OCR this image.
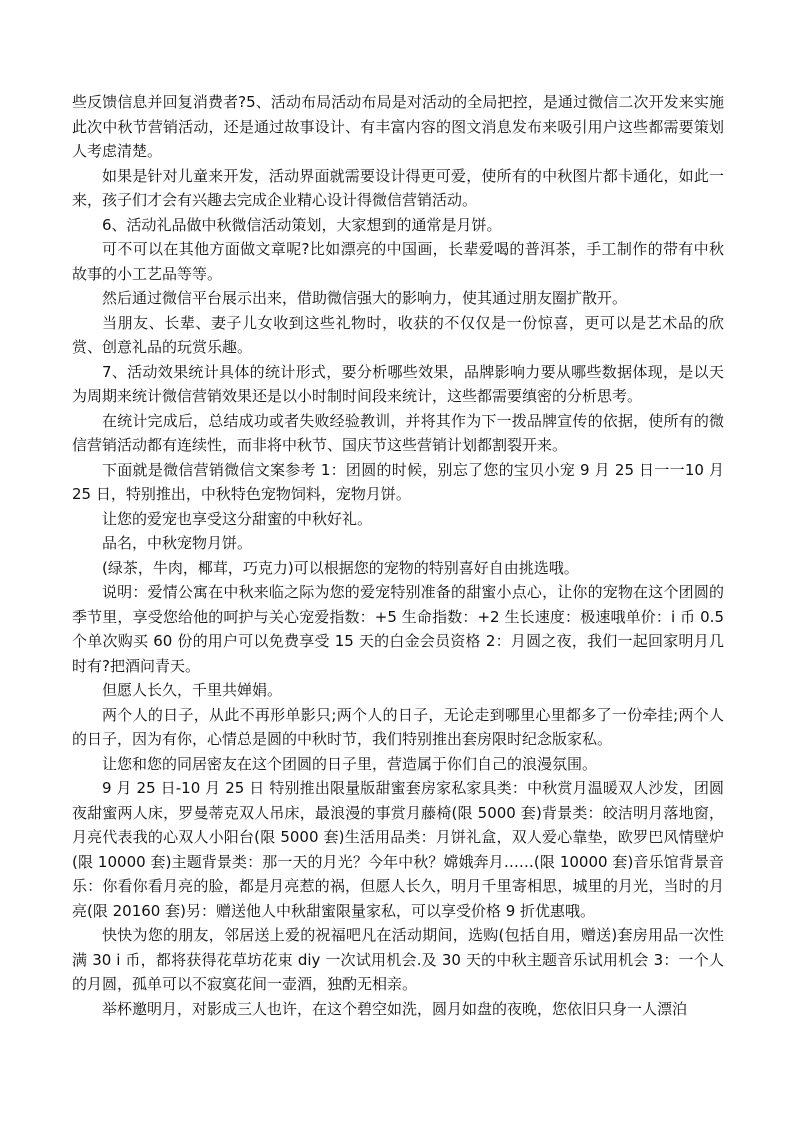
些反馈信息并回复消费者?5、活动布局活动布局是对活动的全局把控，是通过微信二次开发来实施此次中秋节营销活动，还是通过故事设计、有丰富内容的图文消息发布来吸引用户这些都需要策划人考虑清楚。

如果是针对儿童来开发，活动界面就需要设计得更可爱，使所有的中秋图片都卡通化，如此一来，孩子们才会有兴趣去完成企业精心设计得微信营销活动。

6、活动礼品做中秋微信活动策划，大家想到的通常是月饼。

可不可以在其他方面做文章呢?比如漂亮的中国画，长辈爱喝的普洱茶，手工制作的带有中秋故事的小工艺品等等。

然后通过微信平台展示出来，借助微信强大的影响力，使其通过朋友圈扩散开。

当朋友、长辈、妻子儿女收到这些礼物时，收获的不仅仅是一份惊喜，更可以是艺术品的欣赏、创意礼品的玩赏乐趣。

7、活动效果统计具体的统计形式，要分析哪些效果，品牌影响力要从哪些数据体现，是以天为周期来统计微信营销效果还是以小时制时间段来统计，这些都需要缜密的分析思考。

在统计完成后，总结成功或者失败经验教训，并将其作为下一拨品牌宣传的依据，使所有的微信营销活动都有连续性，而非将中秋节、国庆节这些营销计划都割裂开来。

下面就是微信营销微信文案参考 1：团圆的时候，别忘了您的宝贝小宠 9 月 25 日一一10 月 25 日，特别推出，中秋特色宠物饲料，宠物月饼。

让您的爱宠也享受这分甜蜜的中秋好礼。

品名，中秋宠物月饼。

(绿茶，牛肉，椰茸，巧克力)可以根据您的宠物的特别喜好自由挑选哦。

说明：爱情公寓在中秋来临之际为您的爱宠特别准备的甜蜜小点心，让你的宠物在这个团圆的季节里，享受您给他的呵护与关心宠爱指数：+5 生命指数：+2 生长速度：极速哦单价：i 币 0.5 个单次购买 60 份的用户可以免费享受 15 天的白金会员资格 2：月圆之夜，我们一起回家明月几时有?把酒问青天。

但愿人长久，千里共婵娟。

两个人的日子，从此不再形单影只;两个人的日子，无论走到哪里心里都多了一份牵挂;两个人的日子，因为有你，心情总是圆的中秋时节，我们特别推出套房限时纪念版家私。

让您和您的同居密友在这个团圆的日子里，营造属于你们自己的浪漫氛围。

9 月 25 日-10 月 25 日 特别推出限量版甜蜜套房家私家具类：中秋赏月温暖双人沙发，团圆夜甜蜜两人床，罗曼蒂克双人吊床，最浪漫的事赏月藤椅(限 5000 套)背景类：皎洁明月落地窗，月亮代表我的心双人小阳台(限 5000 套)生活用品类：月饼礼盒，双人爱心靠垫，欧罗巴风情壁炉 (限 10000 套)主题背景类：那一天的月光？今年中秋？嫦娥奔月……(限 10000 套)音乐馆背景音乐：你看你看月亮的脸，都是月亮惹的祸，但愿人长久，明月千里寄相思，城里的月光，当时的月亮(限 20160 套)另：赠送他人中秋甜蜜限量家私，可以享受价格 9 折优惠哦。

快快为您的朋友，邻居送上爱的祝福吧凡在活动期间，选购(包括自用，赠送)套房用品一次性满 30 i 币，都将获得花草坊花束 diy 一次试用机会.及 30 天的中秋主题音乐试用机会 3：一个人的月圆，孤单可以不寂寞花间一壶酒，独酌无相亲。

举杯邀明月，对影成三人也许，在这个碧空如洗，圆月如盘的夜晚，您依旧只身一人漂泊
